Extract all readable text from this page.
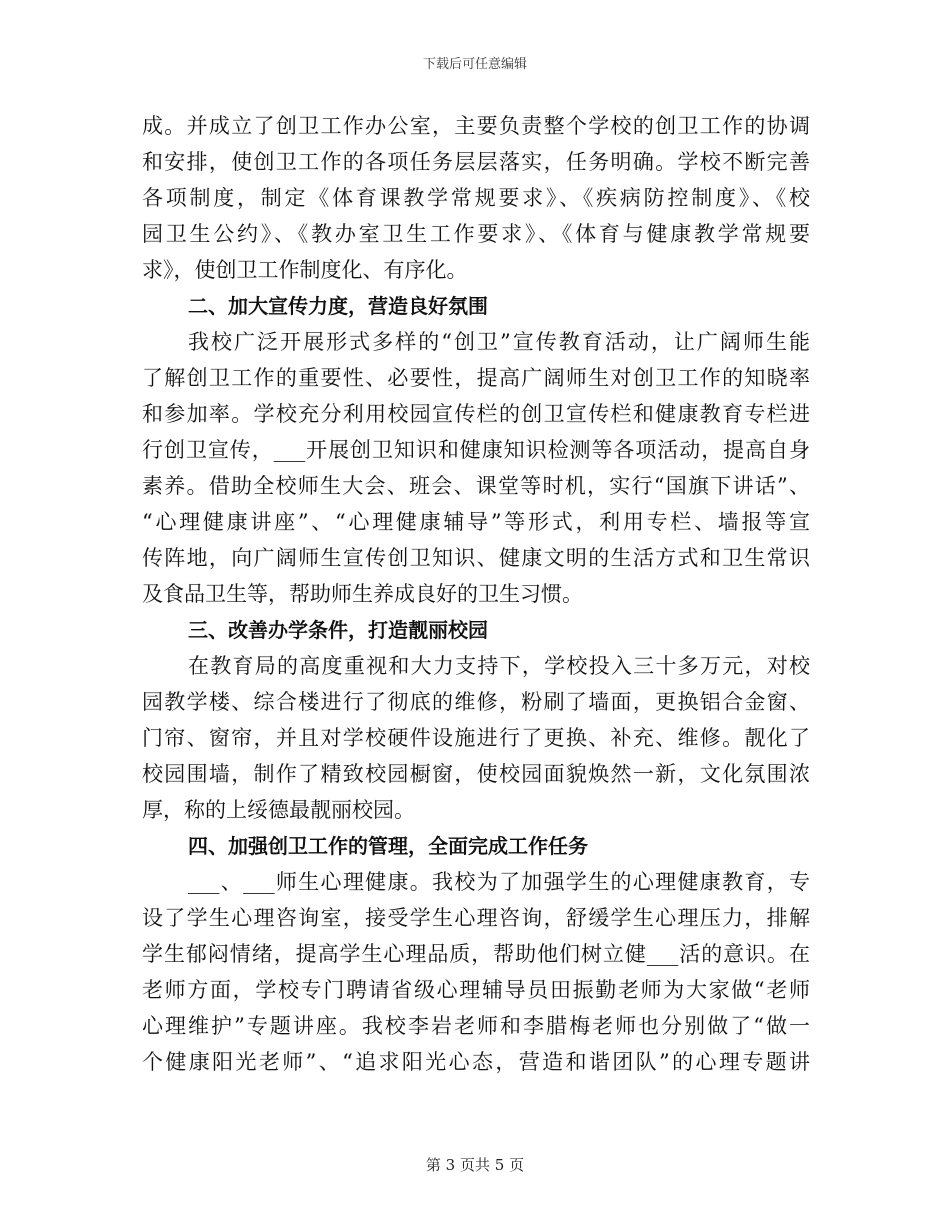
下载后可任意编辑
成。并成立了创卫工作办公室，主要负责整个学校的创卫工作的协调
和安排，使创卫工作的各项任务层层落实，任务明确。学校不断完善
各项制度，制定《体育课教学常规要求》、《疾病防控制度》、《校
园卫生公约》、《教办室卫生工作要求》、《体育与健康教学常规要
求》，使创卫工作制度化、有序化。
二、加大宣传力度，营造良好氛围
我校广泛开展形式多样的“创卫”宣传教育活动，让广阔师生能
了解创卫工作的重要性、必要性，提高广阔师生对创卫工作的知晓率
和参加率。学校充分利用校园宣传栏的创卫宣传栏和健康教育专栏进
行创卫宣传，___开展创卫知识和健康知识检测等各项活动，提高自身
素养。借助全校师生大会、班会、课堂等时机，实行“国旗下讲话”、
“心理健康讲座”、“心理健康辅导”等形式，利用专栏、墙报等宣
传阵地，向广阔师生宣传创卫知识、健康文明的生活方式和卫生常识
及食品卫生等，帮助师生养成良好的卫生习惯。
三、改善办学条件，打造靓丽校园
在教育局的高度重视和大力支持下，学校投入三十多万元，对校
园教学楼、综合楼进行了彻底的维修，粉刷了墙面，更换铝合金窗、
门帘、窗帘，并且对学校硬件设施进行了更换、补充、维修。靓化了
校园围墙，制作了精致校园橱窗，使校园面貌焕然一新，文化氛围浓
厚，称的上绥德最靓丽校园。
四、加强创卫工作的管理，全面完成工作任务
___、___师生心理健康。我校为了加强学生的心理健康教育，专
设了学生心理咨询室，接受学生心理咨询，舒缓学生心理压力，排解
学生郁闷情绪，提高学生心理品质，帮助他们树立健___活的意识。在
老师方面，学校专门聘请省级心理辅导员田振勤老师为大家做“老师
心理维护”专题讲座。我校李岩老师和李腊梅老师也分别做了“做一
个健康阳光老师”、“追求阳光心态，营造和谐团队”的心理专题讲
第 3 页共 5 页
